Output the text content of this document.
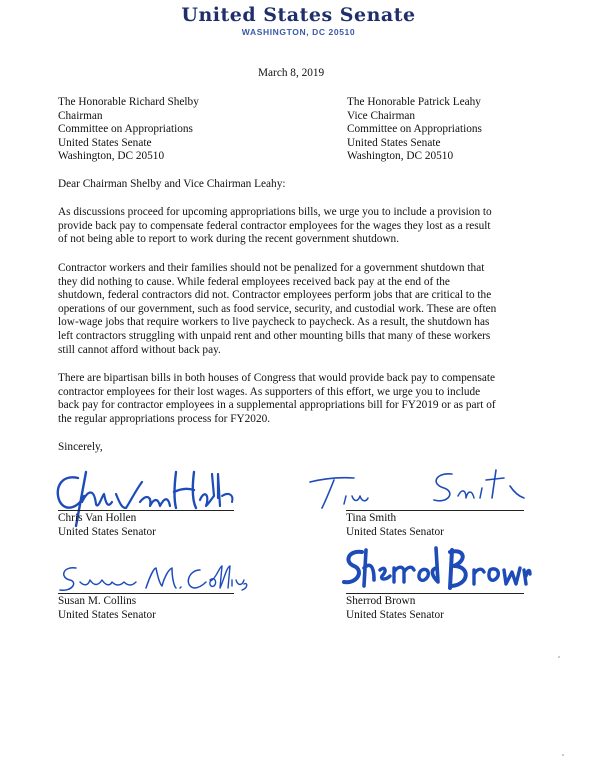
United States Senate
WASHINGTON, DC 20510
March 8, 2019
The Honorable Richard Shelby
Chairman
Committee on Appropriations
United States Senate
Washington, DC 20510
The Honorable Patrick Leahy
Vice Chairman
Committee on Appropriations
United States Senate
Washington, DC 20510
Dear Chairman Shelby and Vice Chairman Leahy:
As discussions proceed for upcoming appropriations bills, we urge you to include a provision to
provide back pay to compensate federal contractor employees for the wages they lost as a result
of not being able to report to work during the recent government shutdown.
Contractor workers and their families should not be penalized for a government shutdown that
they did nothing to cause. While federal employees received back pay at the end of the
shutdown, federal contractors did not. Contractor employees perform jobs that are critical to the
operations of our government, such as food service, security, and custodial work. These are often
low-wage jobs that require workers to live paycheck to paycheck. As a result, the shutdown has
left contractors struggling with unpaid rent and other mounting bills that many of these workers
still cannot afford without back pay.
There are bipartisan bills in both houses of Congress that would provide back pay to compensate
contractor employees for their lost wages. As supporters of this effort, we urge you to include
back pay for contractor employees in a supplemental appropriations bill for FY2019 or as part of
the regular appropriations process for FY2020.
Sincerely,
Chris Van Hollen
United States Senator
Tina Smith
United States Senator
Susan M. Collins
United States Senator
Sherrod Brown
United States Senator
